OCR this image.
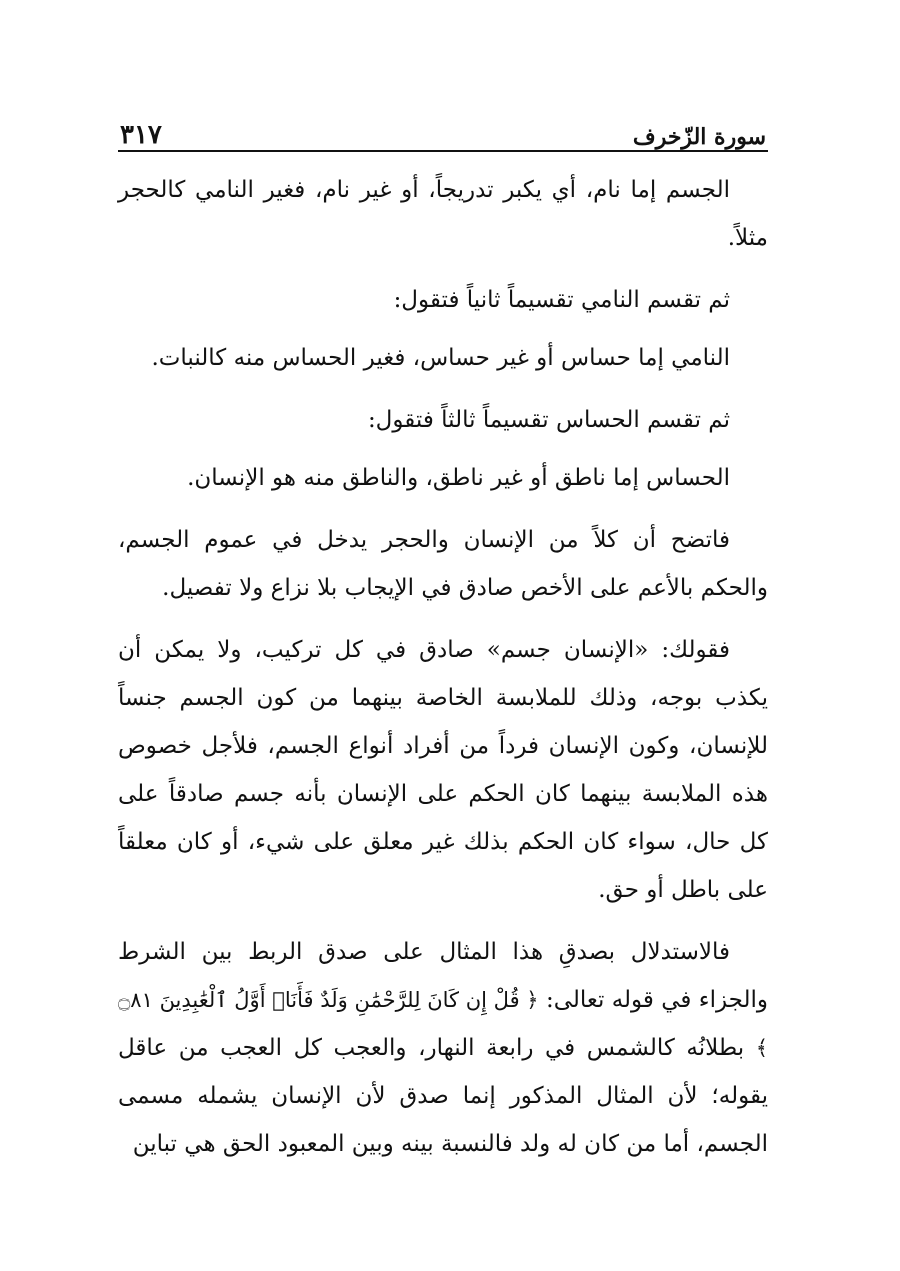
سورة الزّخرف
٣١٧

الجسم إما نام، أي يكبر تدريجاً، أو غير نام، فغير النامي كالحجر مثلاً.

ثم تقسم النامي تقسيماً ثانياً فتقول:

النامي إما حساس أو غير حساس، فغير الحساس منه كالنبات.

ثم تقسم الحساس تقسيماً ثالثاً فتقول:

الحساس إما ناطق أو غير ناطق، والناطق منه هو الإنسان.

فاتضح أن كلاً من الإنسان والحجر يدخل في عموم الجسم، والحكم بالأعم على الأخص صادق في الإيجاب بلا نزاع ولا تفصيل.

فقولك: «الإنسان جسم» صادق في كل تركيب، ولا يمكن أن يكذب بوجه، وذلك للملابسة الخاصة بينهما من كون الجسم جنساً للإنسان، وكون الإنسان فرداً من أفراد أنواع الجسم، فلأجل خصوص هذه الملابسة بينهما كان الحكم على الإنسان بأنه جسم صادقاً على كل حال، سواء كان الحكم بذلك غير معلق على شيء، أو كان معلقاً على باطل أو حق.

فالاستدلال بصدقِ هذا المثال على صدق الربط بين الشرط والجزاء في قوله تعالى: ﴿ قُلْ إِن كَانَ لِلرَّحْمَٰنِ وَلَدٌ فَأَنَا۠ أَوَّلُ ٱلْعَٰبِدِينَ ۝٨١ ﴾ بطلانُه كالشمس في رابعة النهار، والعجب كل العجب من عاقل يقوله؛ لأن المثال المذكور إنما صدق لأن الإنسان يشمله مسمى الجسم، أما من كان له ولد فالنسبة بينه وبين المعبود الحق هي تباين
